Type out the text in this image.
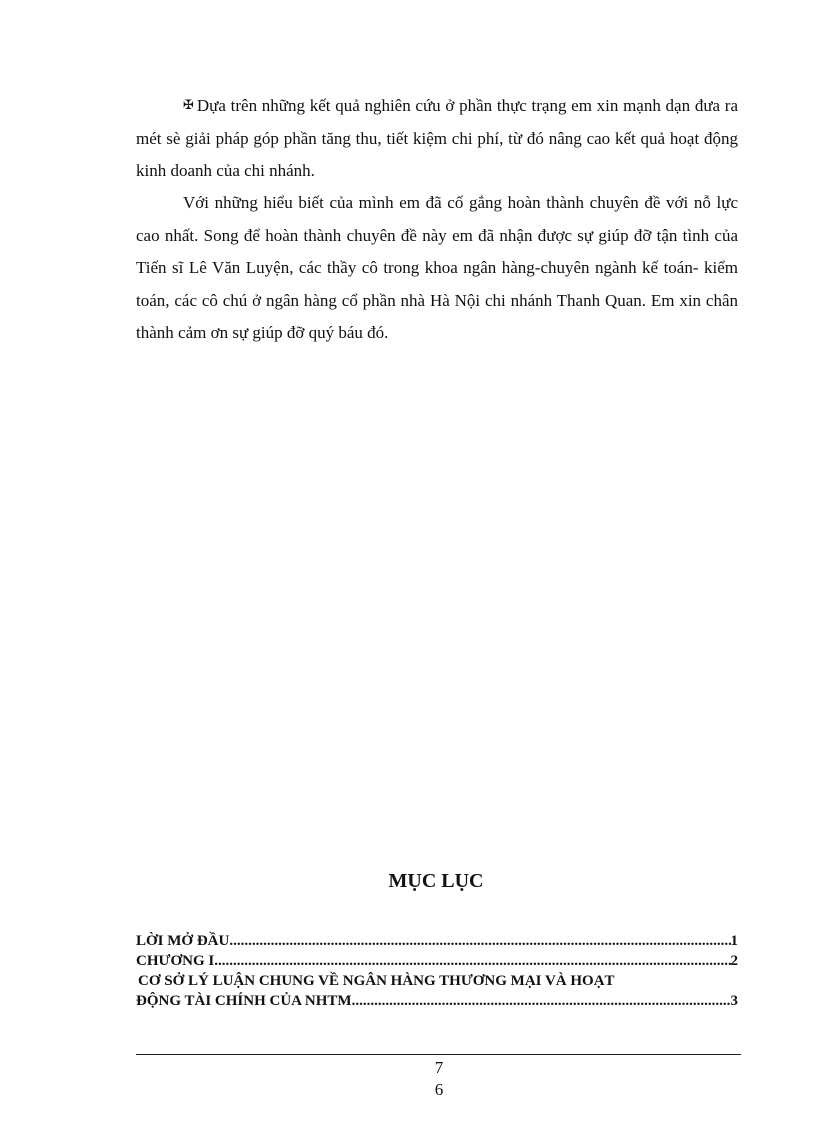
✠ Dựa trên những kết quả nghiên cứu ở phần thực trạng em xin mạnh dạn đưa ra mét sè giải pháp góp phần tăng thu, tiết kiệm chi phí, từ đó nâng cao kết quả hoạt động kinh doanh của chi nhánh.

Với những hiểu biết của mình em đã cố gắng hoàn thành chuyên đề với nỗ lực cao nhất. Song để hoàn thành chuyên đề này em đã nhận được sự giúp đỡ tận tình của Tiến sĩ Lê Văn Luyện, các thầy cô trong khoa ngân hàng-chuyên ngành kế toán- kiểm toán, các cô chú ở ngân hàng cổ phần nhà Hà Nội chi nhánh Thanh Quan. Em xin chân thành cảm ơn sự giúp đỡ quý báu đó.

MỤC LỤC
LỜI MỞ ĐẦU .....	1
CHƯƠNG I .....	2
CƠ SỞ LÝ LUẬN CHUNG VỀ NGÂN HÀNG THƯƠNG MẠI VÀ HOẠT
ĐỘNG TÀI CHÍNH CỦA NHTM .....	3
7
6
